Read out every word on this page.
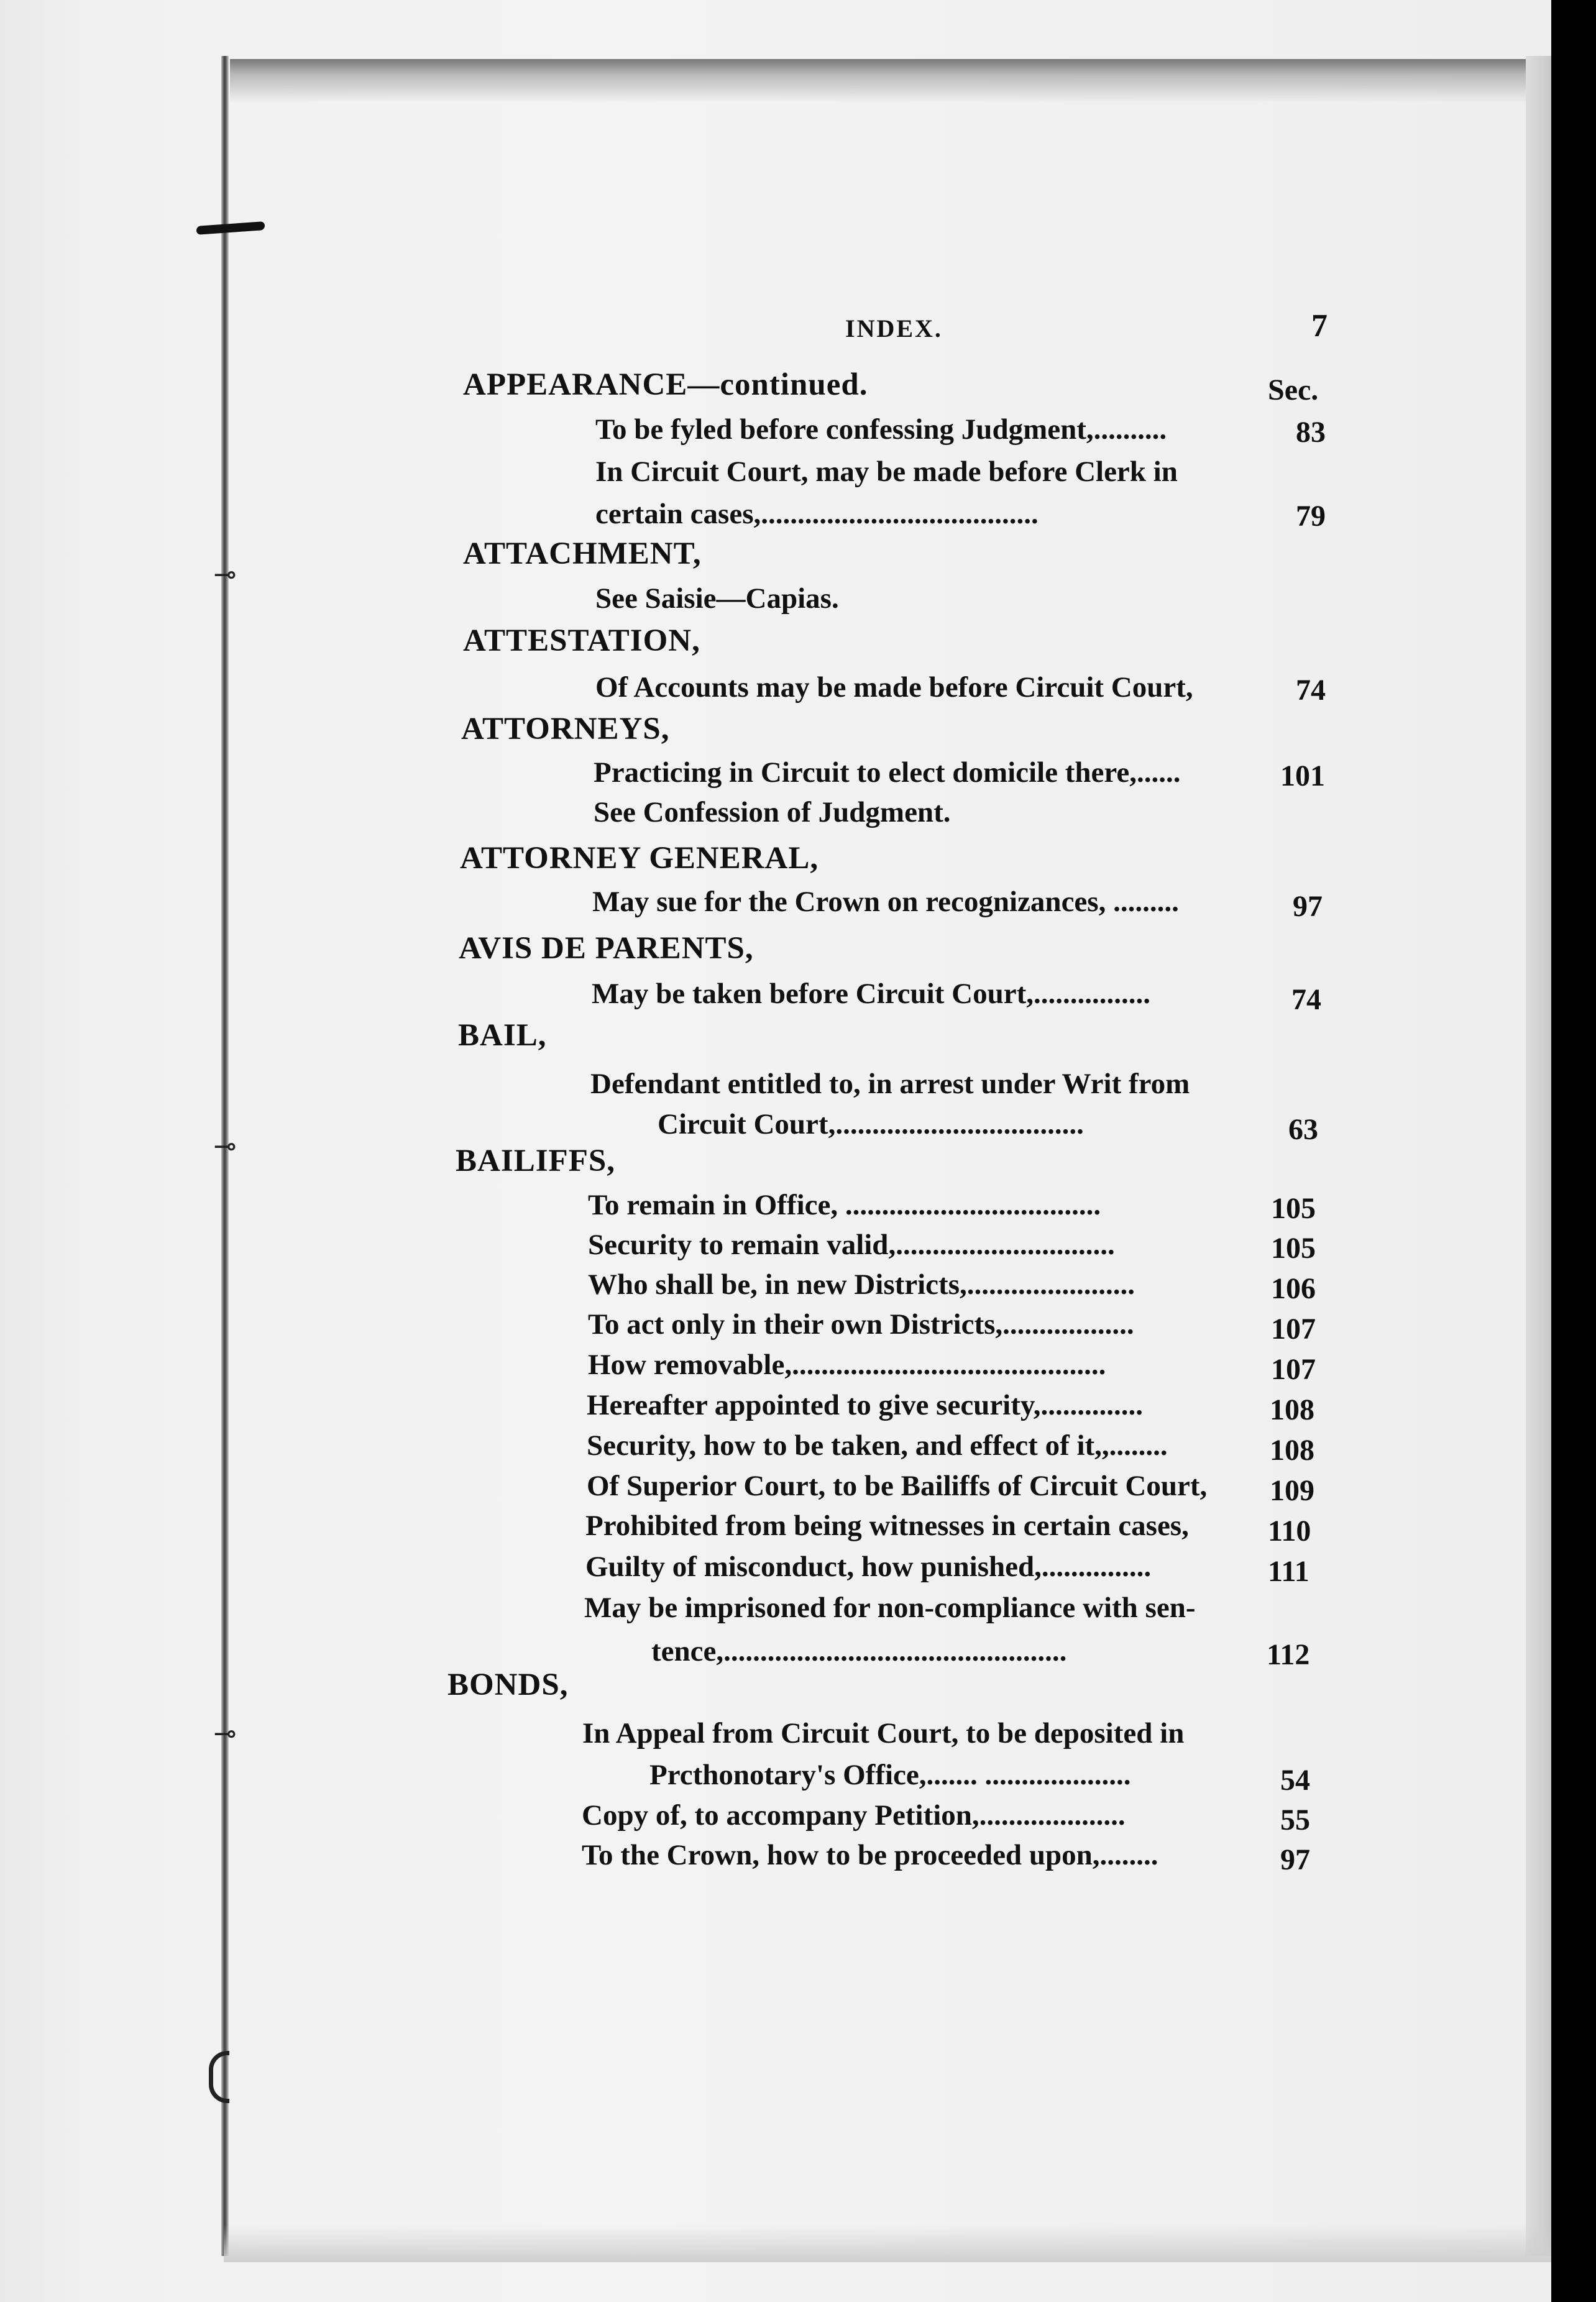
⊸
⊸
⊸
INDEX.	7
APPEARANCE—continued.	Sec.
To be fyled before confessing Judgment,..........	83
In Circuit Court, may be made before Clerk in
certain cases,......................................	79
ATTACHMENT,
See Saisie—Capias.
ATTESTATION,
Of Accounts may be made before Circuit Court,	74
ATTORNEYS,
Practicing in Circuit to elect domicile there,......	101
See Confession of Judgment.
ATTORNEY GENERAL,
May sue for the Crown on recognizances, .........	97
AVIS DE PARENTS,
May be taken before Circuit Court,................	74
BAIL,
Defendant entitled to, in arrest under Writ from
Circuit Court,..................................	63
BAILIFFS,
To remain in Office, ...................................	105
Security to remain valid,..............................	105
Who shall be, in new Districts,.......................	106
To act only in their own Districts,..................	107
How removable,...........................................	107
Hereafter appointed to give security,..............	108
Security, how to be taken, and effect of it,,........	108
Of Superior Court, to be Bailiffs of Circuit Court, 109
Prohibited from being witnesses in certain cases,	110
Guilty of misconduct, how punished,...............	111
May be imprisoned for non-compliance with sen-
tence,...............................................	112
BONDS,
In Appeal from Circuit Court, to be deposited in
Prcthonotary's Office,....... ....................	54
Copy of, to accompany Petition,....................	55
To the Crown, how to be proceeded upon,........	97
